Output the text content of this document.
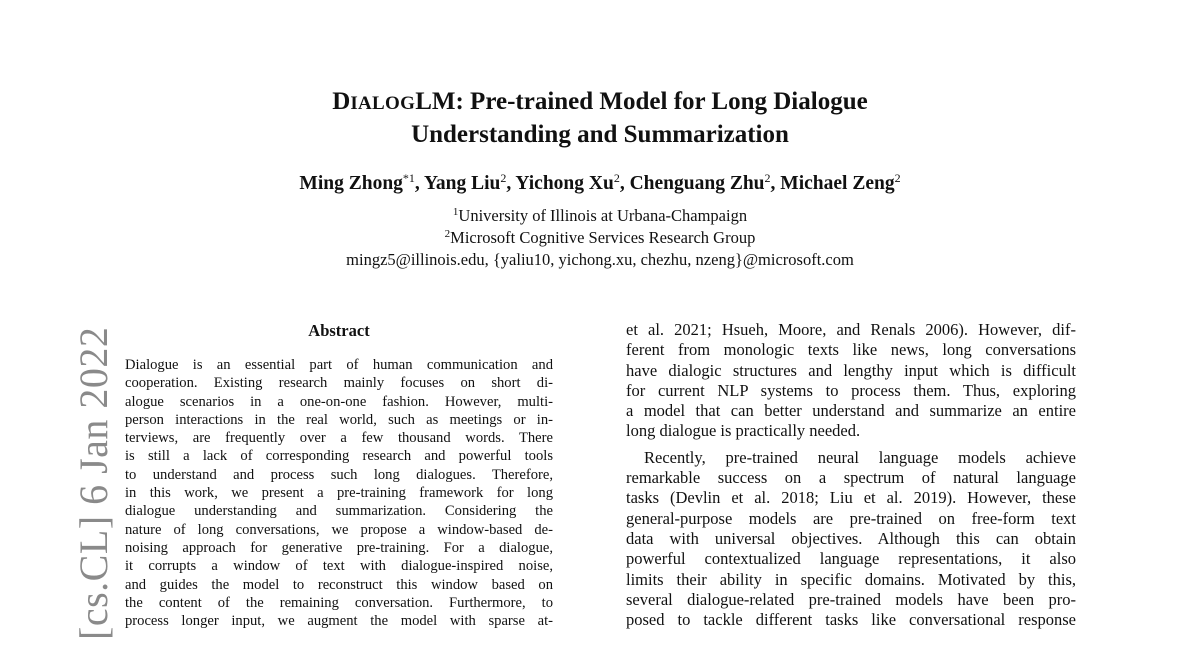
[cs.CL] 6 Jan 2022
DIALOGLM: Pre-trained Model for Long Dialogue
Understanding and Summarization
Ming Zhong$^{*1}$, Yang Liu$^2$, Yichong Xu$^2$, Chenguang Zhu$^2$, Michael Zeng$^2$
$^1$University of Illinois at Urbana-Champaign
$^2$Microsoft Cognitive Services Research Group
mingz5@illinois.edu, {yaliu10, yichong.xu, chezhu, nzeng}@microsoft.com
Abstract
Dialogue is an essential part of human communication and
cooperation. Existing research mainly focuses on short di-
alogue scenarios in a one-on-one fashion. However, multi-
person interactions in the real world, such as meetings or in-
terviews, are frequently over a few thousand words. There
is still a lack of corresponding research and powerful tools
to understand and process such long dialogues. Therefore,
in this work, we present a pre-training framework for long
dialogue understanding and summarization. Considering the
nature of long conversations, we propose a window-based de-
noising approach for generative pre-training. For a dialogue,
it corrupts a window of text with dialogue-inspired noise,
and guides the model to reconstruct this window based on
the content of the remaining conversation. Furthermore, to
process longer input, we augment the model with sparse at-
et al. 2021; Hsueh, Moore, and Renals 2006). However, dif-
ferent from monologic texts like news, long conversations
have dialogic structures and lengthy input which is difficult
for current NLP systems to process them. Thus, exploring
a model that can better understand and summarize an entire
long dialogue is practically needed.
Recently, pre-trained neural language models achieve
remarkable success on a spectrum of natural language
tasks (Devlin et al. 2018; Liu et al. 2019). However, these
general-purpose models are pre-trained on free-form text
data with universal objectives. Although this can obtain
powerful contextualized language representations, it also
limits their ability in specific domains. Motivated by this,
several dialogue-related pre-trained models have been pro-
posed to tackle different tasks like conversational response
